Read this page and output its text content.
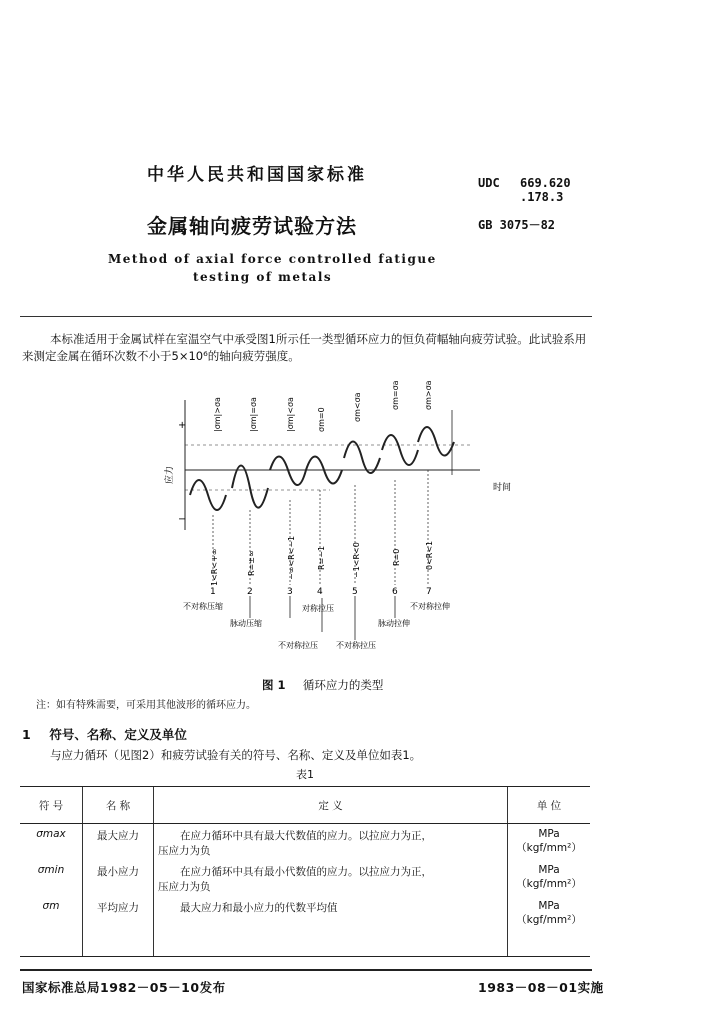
中华人民共和国国家标准	UDC 669.620
.178.3
金属轴向疲劳试验方法	GB 3075－82
Method of axial force controlled fatigue
testing of metals
本标准适用于金属试样在室温空气中承受图1所示任一类型循环应力的恒负荷幅轴向疲劳试验。此试验系用来测定金属在循环次数不小于5×10⁶的轴向疲劳强度。
+
−
应力
时间
|σm|>σa	|σm|=σa	|σm|<σa	σm=0	σm<σa	σm=σa	σm>σa
1<R<+∞	R=±∞	−∞<R<−1	R=−1	−1<R<0	R=0	0<R<1
1	2	3	4	5	6	7
不对称压缩
脉动压缩
对称拉压
脉动拉伸
不对称拉伸
不对称拉压 不对称拉压
图 1 循环应力的类型
注：如有特殊需要，可采用其他波形的循环应力。
1 符号、名称、定义及单位
与应力循环（见图2）和疲劳试验有关的符号、名称、定义及单位如表1。
表1
符 号	名 称	定 义	单 位

σmax	最大应力	在应力循环中具有最大代数值的应力。以拉应力为正，
压应力为负	MPa
（kgf/mm²）

σmin	最小应力	在应力循环中具有最小代数值的应力。以拉应力为正，
压应力为负	MPa
（kgf/mm²）

σm	平均应力	最大应力和最小应力的代数平均值	MPa
（kgf/mm²）
国家标准总局1982－05－10发布	1983－08－01实施
